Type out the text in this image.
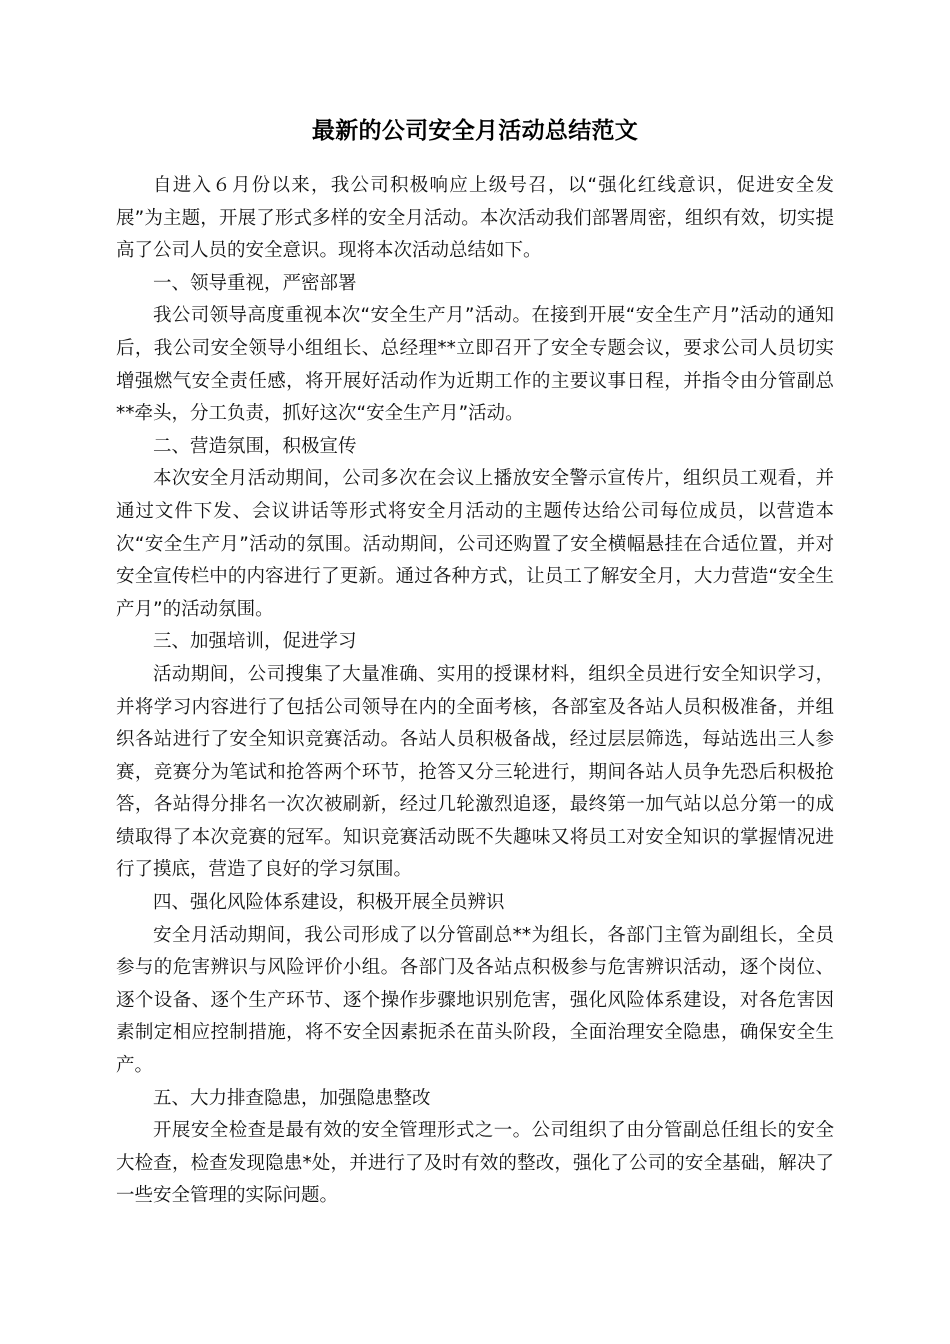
最新的公司安全月活动总结范文

自进入６月份以来，我公司积极响应上级号召，以“强化红线意识，促进安全发展”为主题，开展了形式多样的安全月活动。本次活动我们部署周密，组织有效，切实提高了公司人员的安全意识。现将本次活动总结如下。

一、领导重视，严密部署

我公司领导高度重视本次“安全生产月”活动。在接到开展“安全生产月”活动的通知后，我公司安全领导小组组长、总经理**立即召开了安全专题会议，要求公司人员切实增强燃气安全责任感，将开展好活动作为近期工作的主要议事日程，并指令由分管副总**牵头，分工负责，抓好这次“安全生产月”活动。

二、营造氛围，积极宣传

本次安全月活动期间，公司多次在会议上播放安全警示宣传片，组织员工观看，并通过文件下发、会议讲话等形式将安全月活动的主题传达给公司每位成员，以营造本次“安全生产月”活动的氛围。活动期间，公司还购置了安全横幅悬挂在合适位置，并对安全宣传栏中的内容进行了更新。通过各种方式，让员工了解安全月，大力营造“安全生产月”的活动氛围。

三、加强培训，促进学习

活动期间，公司搜集了大量准确、实用的授课材料，组织全员进行安全知识学习，并将学习内容进行了包括公司领导在内的全面考核，各部室及各站人员积极准备，并组织各站进行了安全知识竞赛活动。各站人员积极备战，经过层层筛选，每站选出三人参赛，竞赛分为笔试和抢答两个环节，抢答又分三轮进行，期间各站人员争先恐后积极抢答，各站得分排名一次次被刷新，经过几轮激烈追逐，最终第一加气站以总分第一的成绩取得了本次竞赛的冠军。知识竞赛活动既不失趣味又将员工对安全知识的掌握情况进行了摸底，营造了良好的学习氛围。

四、强化风险体系建设，积极开展全员辨识

安全月活动期间，我公司形成了以分管副总**为组长，各部门主管为副组长，全员参与的危害辨识与风险评价小组。各部门及各站点积极参与危害辨识活动，逐个岗位、逐个设备、逐个生产环节、逐个操作步骤地识别危害，强化风险体系建设，对各危害因素制定相应控制措施，将不安全因素扼杀在苗头阶段，全面治理安全隐患，确保安全生产。

五、大力排查隐患，加强隐患整改

开展安全检查是最有效的安全管理形式之一。公司组织了由分管副总任组长的安全大检查，检查发现隐患*处，并进行了及时有效的整改，强化了公司的安全基础，解决了一些安全管理的实际问题。
